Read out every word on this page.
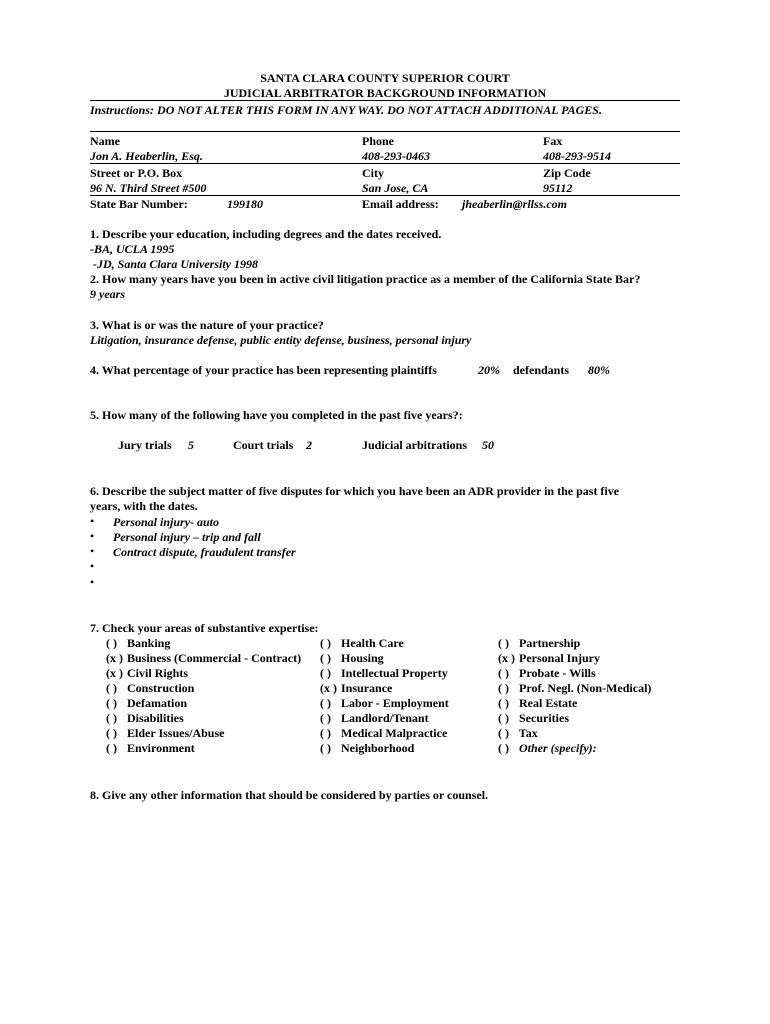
SANTA CLARA COUNTY SUPERIOR COURT
JUDICIAL ARBITRATOR BACKGROUND INFORMATION
Instructions: DO NOT ALTER THIS FORM IN ANY WAY. DO NOT ATTACH ADDITIONAL PAGES.
Name	Phone	Fax
Jon A. Heaberlin, Esq.	408-293-0463	408-293-9514
Street or P.O. Box	City	Zip Code
96 N. Third Street #500	San Jose, CA	95112
State Bar Number:	199180	Email address: jheaberlin@rllss.com
1. Describe your education, including degrees and the dates received.
-BA, UCLA 1995
-JD, Santa Clara University 1998
2. How many years have you been in active civil litigation practice as a member of the California State Bar?
9 years
3. What is or was the nature of your practice?
Litigation, insurance defense, public entity defense, business, personal injury
4. What percentage of your practice has been representing plaintiffs	20% defendants 80%
5. How many of the following have you completed in the past five years?:
Jury trials 5	Court trials 2	Judicial arbitrations 50
6. Describe the subject matter of five disputes for which you have been an ADR provider in the past five
years, with the dates.
• Personal injury- auto
• Personal injury – trip and fall
• Contract dispute, fraudulent transfer
•
•
7. Check your areas of substantive expertise:
( ) Banking
(x ) Business (Commercial - Contract)
(x ) Civil Rights
( ) Construction
( ) Defamation
( ) Disabilities
( ) Elder Issues/Abuse
( ) Environment
( ) Health Care
( ) Housing
( ) Intellectual Property
(x ) Insurance
( ) Labor - Employment
( ) Landlord/Tenant
( ) Medical Malpractice
( ) Neighborhood
( ) Partnership
(x ) Personal Injury
( ) Probate - Wills
( ) Prof. Negl. (Non-Medical)
( ) Real Estate
( ) Securities
( ) Tax
( ) Other (specify):
8. Give any other information that should be considered by parties or counsel.
